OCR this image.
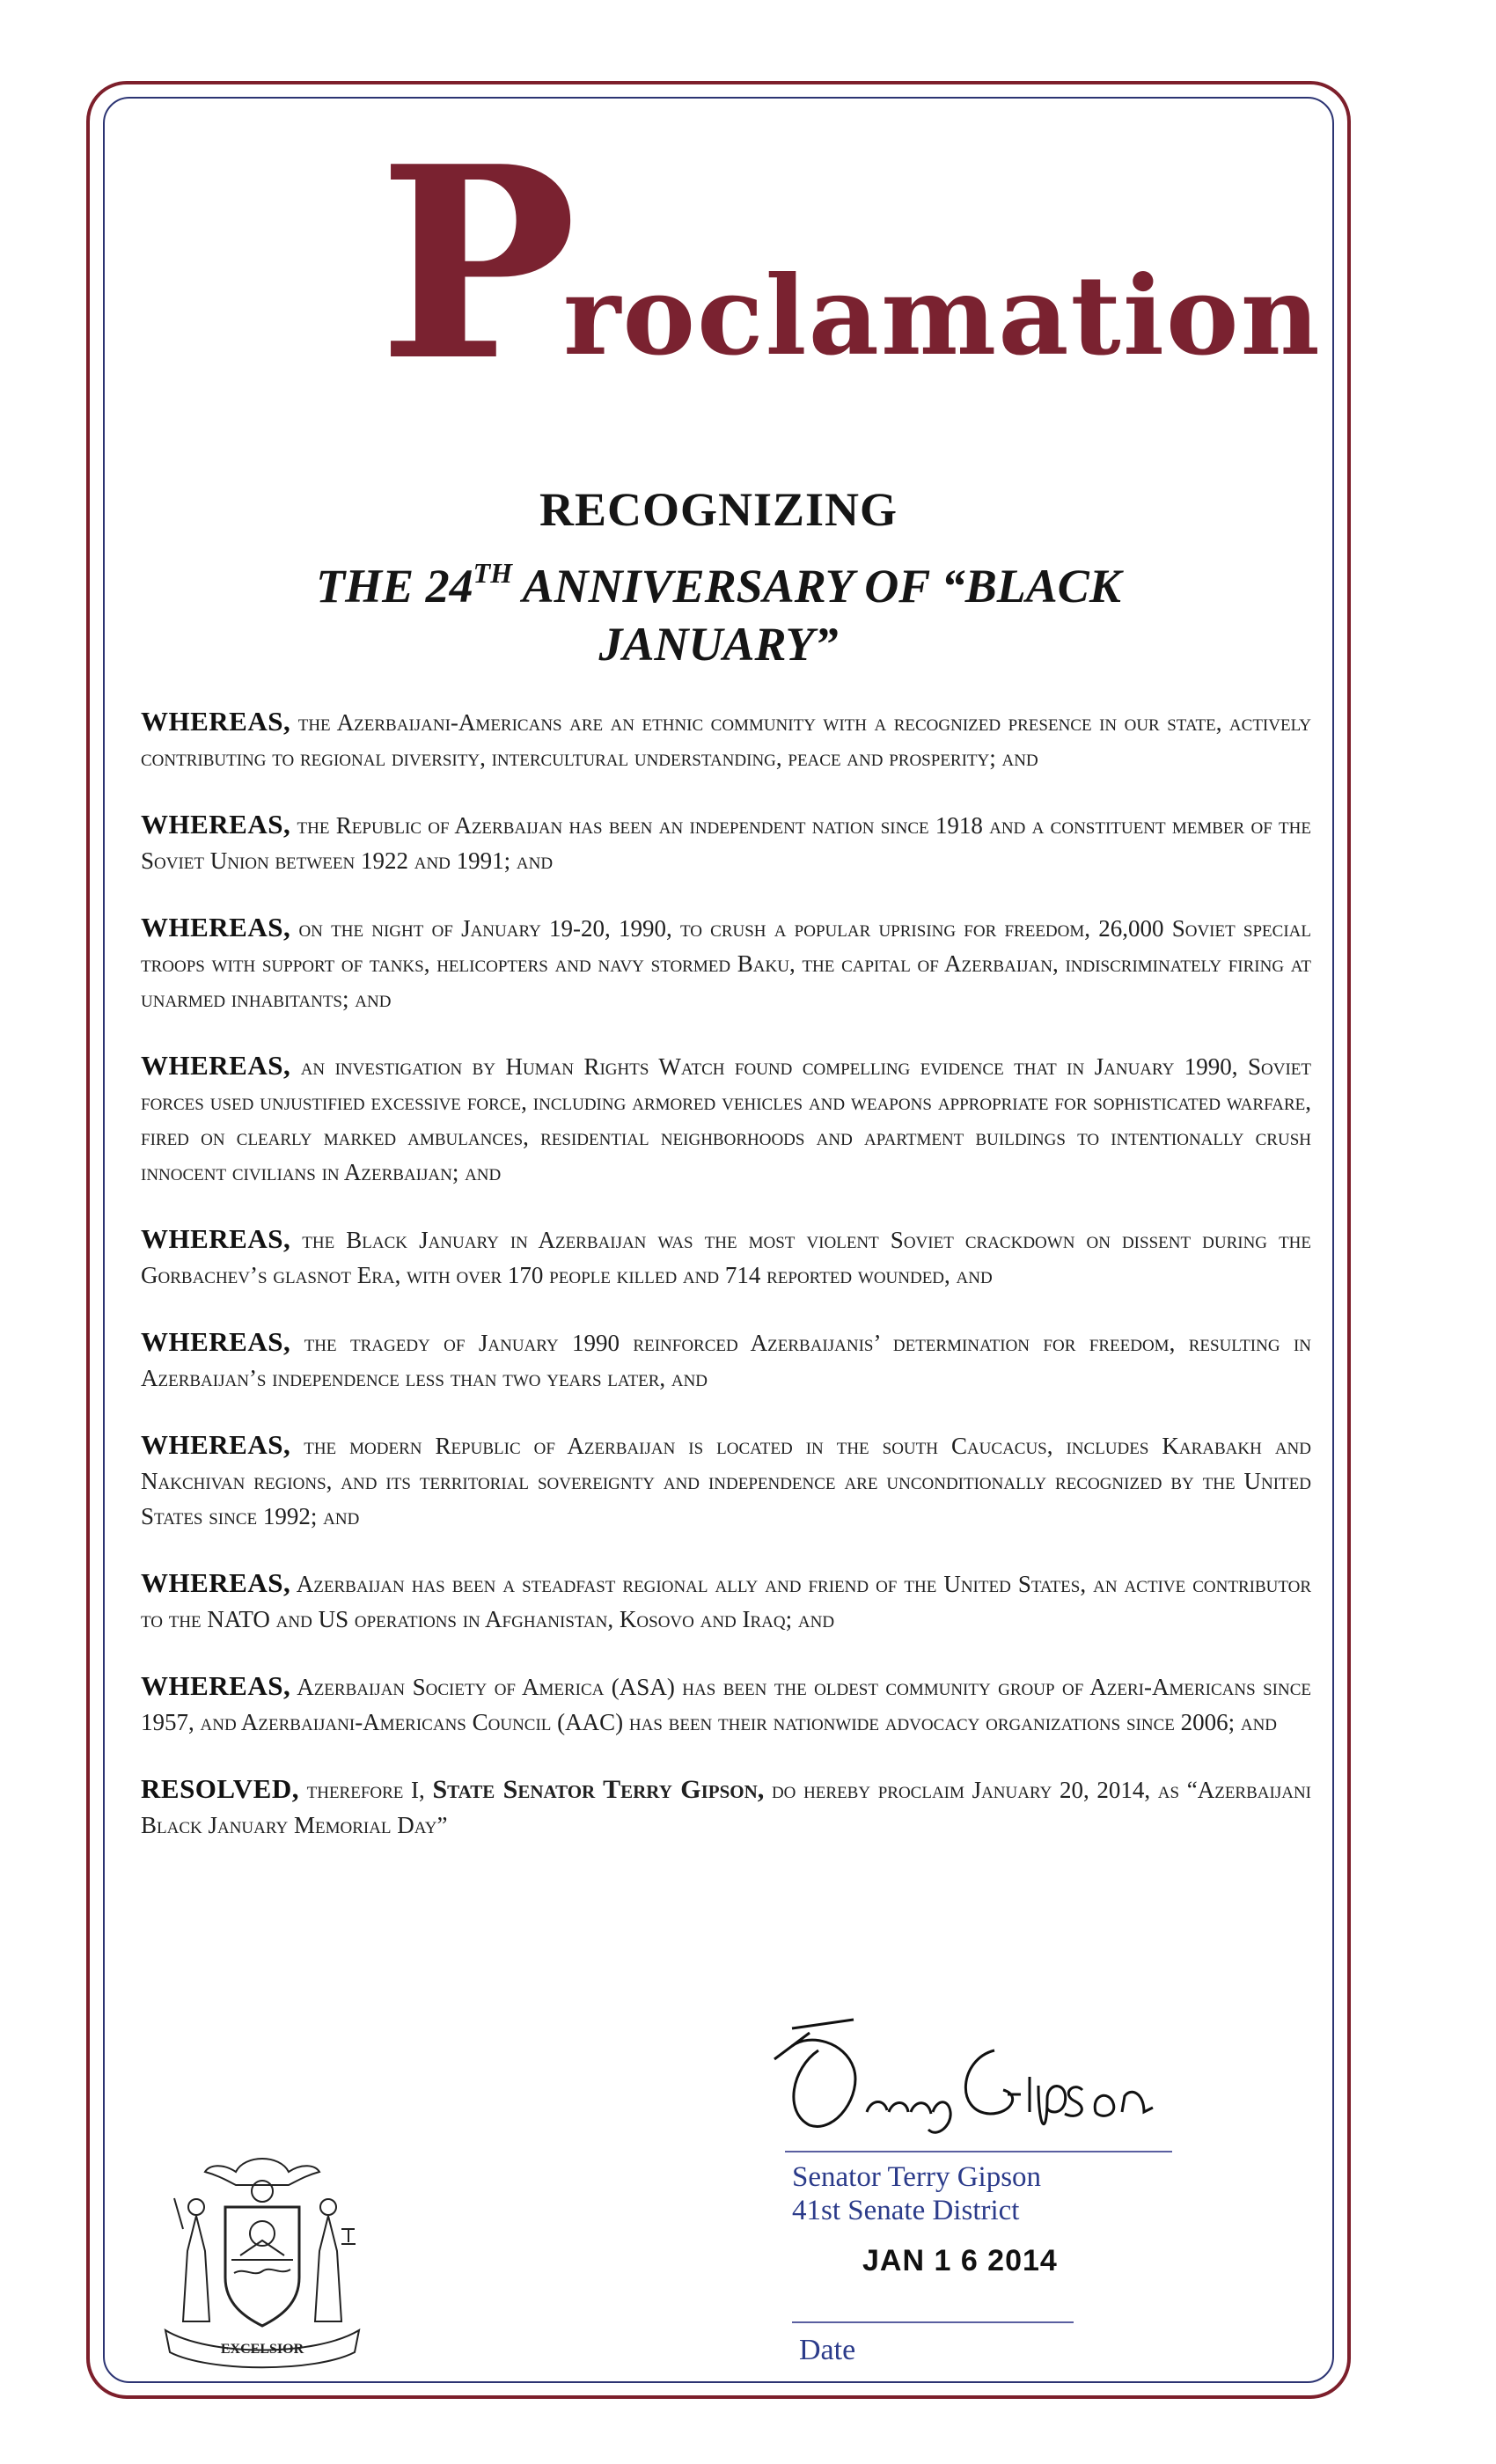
P
roclamation
RECOGNIZING
THE 24TH ANNIVERSARY OF “BLACK
JANUARY”

WHEREAS, the Azerbaijani-Americans are an ethnic community with a recognized presence in our state, actively contributing to regional diversity, intercultural understanding, peace and prosperity; and

WHEREAS, the Republic of Azerbaijan has been an independent nation since 1918 and a constituent member of the Soviet Union between 1922 and 1991; and

WHEREAS, on the night of January 19-20, 1990, to crush a popular uprising for freedom, 26,000 Soviet special troops with support of tanks, helicopters and navy stormed Baku, the capital of Azerbaijan, indiscriminately firing at unarmed inhabitants; and

WHEREAS, an investigation by Human Rights Watch found compelling evidence that in January 1990, Soviet forces used unjustified excessive force, including armored vehicles and weapons appropriate for sophisticated warfare, fired on clearly marked ambulances, residential neighborhoods and apartment buildings to intentionally crush innocent civilians in Azerbaijan; and

WHEREAS, the Black January in Azerbaijan was the most violent Soviet crackdown on dissent during the Gorbachev’s glasnot Era, with over 170 people killed and 714 reported wounded, and

WHEREAS, the tragedy of January 1990 reinforced Azerbaijanis’ determination for freedom, resulting in Azerbaijan’s independence less than two years later, and

WHEREAS, the modern Republic of Azerbaijan is located in the south Caucacus, includes Karabakh and Nakchivan regions, and its territorial sovereignty and independence are unconditionally recognized by the United States since 1992; and

WHEREAS, Azerbaijan has been a steadfast regional ally and friend of the United States, an active contributor to the NATO and US operations in Afghanistan, Kosovo and Iraq; and

WHEREAS, Azerbaijan Society of America (ASA) has been the oldest community group of Azeri-Americans since 1957, and Azerbaijani-Americans Council (AAC) has been their nationwide advocacy organizations since 2006; and

RESOLVED, therefore I, State Senator Terry Gipson, do hereby proclaim January 20, 2014, as “Azerbaijani Black January Memorial Day”

Senator Terry Gipson
41st Senate District
JAN 1 6 2014
Date
EXCELSIOR
